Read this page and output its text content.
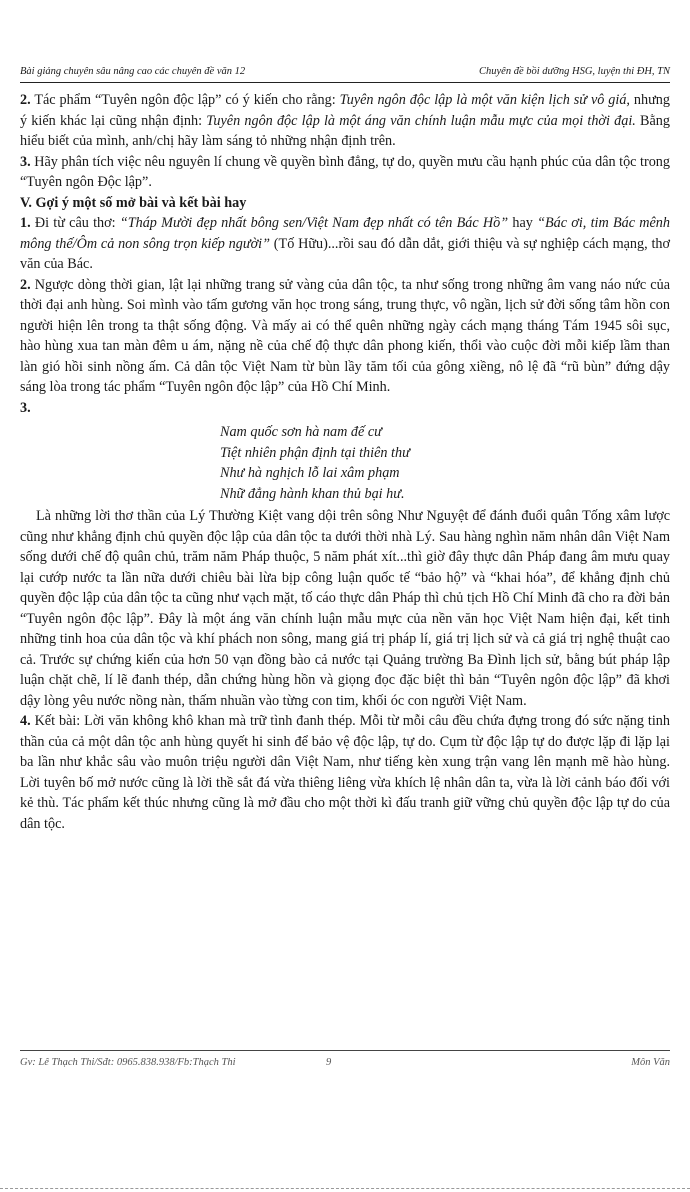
Bài giảng chuyên sâu nâng cao các chuyên đề văn 12	Chuyên đề bồi dưỡng HSG, luyện thi ĐH, TN

2. Tác phẩm “Tuyên ngôn độc lập” có ý kiến cho rằng: Tuyên ngôn độc lập là một văn kiện lịch sử vô giá, nhưng ý kiến khác lại cũng nhận định: Tuyên ngôn độc lập là một áng văn chính luận mẫu mực của mọi thời đại. Bằng hiểu biết của mình, anh/chị hãy làm sáng tỏ những nhận định trên.

3. Hãy phân tích việc nêu nguyên lí chung về quyền bình đẳng, tự do, quyền mưu cầu hạnh phúc của dân tộc trong “Tuyên ngôn Độc lập”.

V. Gợi ý một số mở bài và kết bài hay

1. Đi từ câu thơ: “Tháp Mười đẹp nhất bông sen/Việt Nam đẹp nhất có tên Bác Hồ” hay “Bác ơi, tim Bác mênh mông thế/Ôm cả non sông trọn kiếp người” (Tố Hữu)...rồi sau đó dẫn dắt, giới thiệu và sự nghiệp cách mạng, thơ văn của Bác.

2. Ngược dòng thời gian, lật lại những trang sử vàng của dân tộc, ta như sống trong những âm vang náo nức của thời đại anh hùng. Soi mình vào tấm gương văn học trong sáng, trung thực, vô ngần, lịch sử đời sống tâm hồn con người hiện lên trong ta thật sống động. Và mấy ai có thể quên những ngày cách mạng tháng Tám 1945 sôi sục, hào hùng xua tan màn đêm u ám, nặng nề của chế độ thực dân phong kiến, thổi vào cuộc đời mỗi kiếp lầm than làn gió hồi sinh nồng ấm. Cả dân tộc Việt Nam từ bùn lầy tăm tối của gông xiềng, nô lệ đã “rũ bùn” đứng dậy sáng lòa trong tác phẩm “Tuyên ngôn độc lập” của Hồ Chí Minh.

3.

Nam quốc sơn hà nam đế cư
Tiệt nhiên phận định tại thiên thư
Như hà nghịch lỗ lai xâm phạm
Nhữ đẳng hành khan thủ bại hư.

Là những lời thơ thần của Lý Thường Kiệt vang dội trên sông Như Nguyệt để đánh đuổi quân Tống xâm lược cũng như khẳng định chủ quyền độc lập của dân tộc ta dưới thời nhà Lý. Sau hàng nghìn năm nhân dân Việt Nam sống dưới chế độ quân chủ, trăm năm Pháp thuộc, 5 năm phát xít...thì giờ đây thực dân Pháp đang âm mưu quay lại cướp nước ta lần nữa dưới chiêu bài lừa bịp công luận quốc tế “bảo hộ” và “khai hóa”, để khẳng định chủ quyền độc lập của dân tộc ta cũng như vạch mặt, tố cáo thực dân Pháp thì chủ tịch Hồ Chí Minh đã cho ra đời bản “Tuyên ngôn độc lập”. Đây là một áng văn chính luận mẫu mực của nền văn học Việt Nam hiện đại, kết tinh những tinh hoa của dân tộc và khí phách non sông, mang giá trị pháp lí, giá trị lịch sử và cả giá trị nghệ thuật cao cả. Trước sự chứng kiến của hơn 50 vạn đồng bào cả nước tại Quảng trường Ba Đình lịch sử, bằng bút pháp lập luận chặt chẽ, lí lẽ đanh thép, dẫn chứng hùng hồn và giọng đọc đặc biệt thì bản “Tuyên ngôn độc lập” đã khơi dậy lòng yêu nước nồng nàn, thấm nhuần vào từng con tim, khối óc con người Việt Nam.

4. Kết bài: Lời văn không khô khan mà trữ tình đanh thép. Mỗi từ mỗi câu đều chứa đựng trong đó sức nặng tinh thần của cả một dân tộc anh hùng quyết hi sinh để bảo vệ độc lập, tự do. Cụm từ độc lập tự do được lặp đi lặp lại ba lần như khắc sâu vào muôn triệu người dân Việt Nam, như tiếng kèn xung trận vang lên mạnh mẽ hào hùng. Lời tuyên bố mở nước cũng là lời thề sắt đá vừa thiêng liêng vừa khích lệ nhân dân ta, vừa là lời cảnh báo đối với kẻ thù. Tác phẩm kết thúc nhưng cũng là mở đầu cho một thời kì đấu tranh giữ vững chủ quyền độc lập tự do của dân tộc.

Gv: Lê Thạch Thi/Sđt: 0965.838.938/Fb:Thạch Thi	9	Môn Văn
